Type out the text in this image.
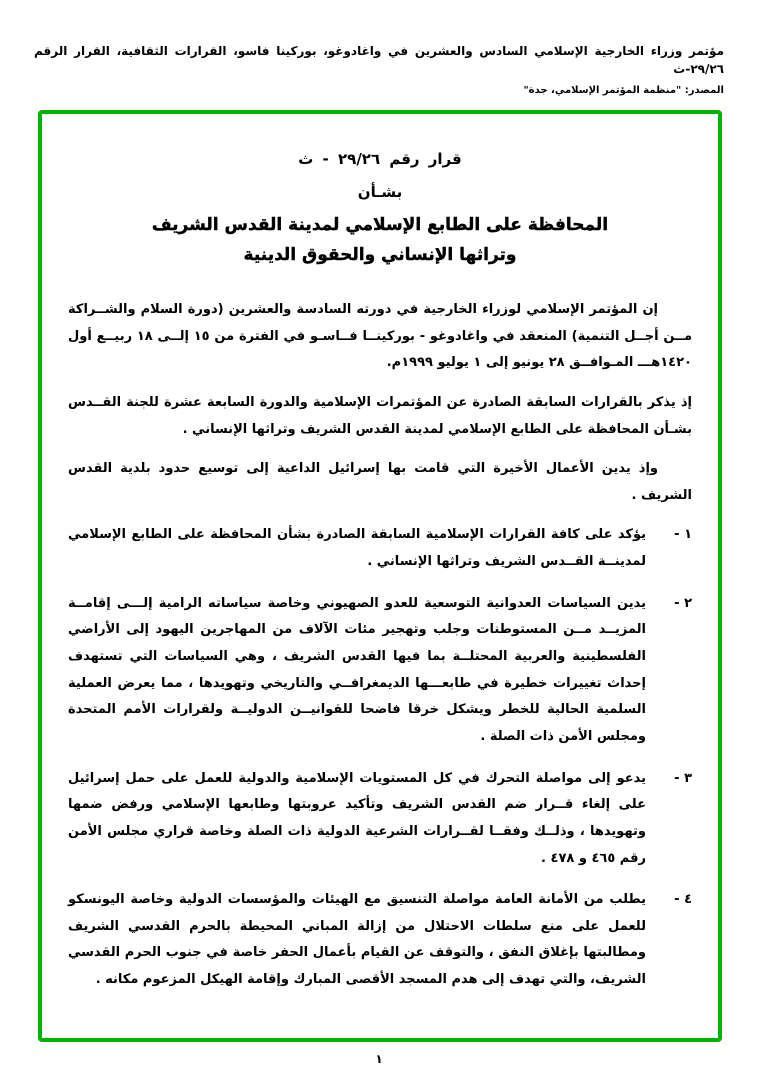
مؤتمر وزراء الخارجية الإسلامي السادس والعشرين في واغادوغو، بوركينا فاسو، القرارات الثقافية، القرار الرقم ٢٩/٢٦-ث
المصدر: "منظمة المؤتمر الإسلامي، جدة"
قرار رقم ٢٩/٢٦ - ث
بشـأن
المحافظة على الطابع الإسلامي لمدينة القدس الشريف
وتراثها الإنساني والحقوق الدينية
إن المؤتمر الإسلامي لوزراء الخارجية في دورته السادسة والعشرين (دورة السلام والشــراكة مــن أجــل التنمية) المنعقد في واغادوغو - بوركينــا فــاسـو في الفترة من ١٥ إلــى ١٨ ربيــع أول ١٤٢٠هـــ المـوافــق ٢٨ يونيو إلى ١ يوليو ١٩٩٩م.
إذ يذكر بالقرارات السابقة الصادرة عن المؤتمرات الإسلامية والدورة السابعة عشرة للجنة القــدس بشـأن المحافظة على الطابع الإسلامي لمدينة القدس الشريف وتراثها الإنساني .
وإذ يدين الأعمال الأخيرة التي قامت بها إسرائيل الداعية إلى توسيع حدود بلدية القدس الشريف .
١ -
يؤكد على كافة القرارات الإسلامية السابقة الصادرة بشأن المحافظة على الطابع الإسلامي لمدينــة القــدس الشريف وتراثها الإنساني .
٢ -
يدين السياسات العدوانية التوسعية للعدو الصهيوني وخاصة سياساته الرامية إلـــى إقامــة المزيــد مــن المستوطنات وجلب وتهجير مئات الآلاف من المهاجرين اليهود إلى الأراضي الفلسطينية والعربية المحتلــة بما فيها القدس الشريف ، وهي السياسات التي تستهدف إحداث تغييرات خطيرة في طابعـــها الديمغرافــي والتاريخي وتهويدها ، مما يعرض العملية السلمية الحالية للخطر ويشكل خرقا فاضحا للقوانيــن الدوليــة ولقرارات الأمم المتحدة ومجلس الأمن ذات الصلة .
٣ -
يدعو إلى مواصلة التحرك في كل المستويات الإسلامية والدولية للعمل على حمل إسرائيل على إلغاء قــرار ضم القدس الشريف وتأكيد عروبتها وطابعها الإسلامي ورفض ضمها وتهويدها ، وذلــك وفقــا لقــرارات الشرعية الدولية ذات الصلة وخاصة قراري مجلس الأمن رقم ٤٦٥ و ٤٧٨ .
٤ -
يطلب من الأمانة العامة مواصلة التنسيق مع الهيئات والمؤسسات الدولية وخاصة اليونسكو للعمل على منع سلطات الاحتلال من إزالة المباني المحيطة بالحرم القدسي الشريف ومطالبتها بإغلاق النفق ، والتوقف عن القيام بأعمال الحفر خاصة في جنوب الحرم القدسي الشريف، والتي تهدف إلى هدم المسجد الأقصى المبارك وإقامة الهيكل المزعوم مكانه .
١
